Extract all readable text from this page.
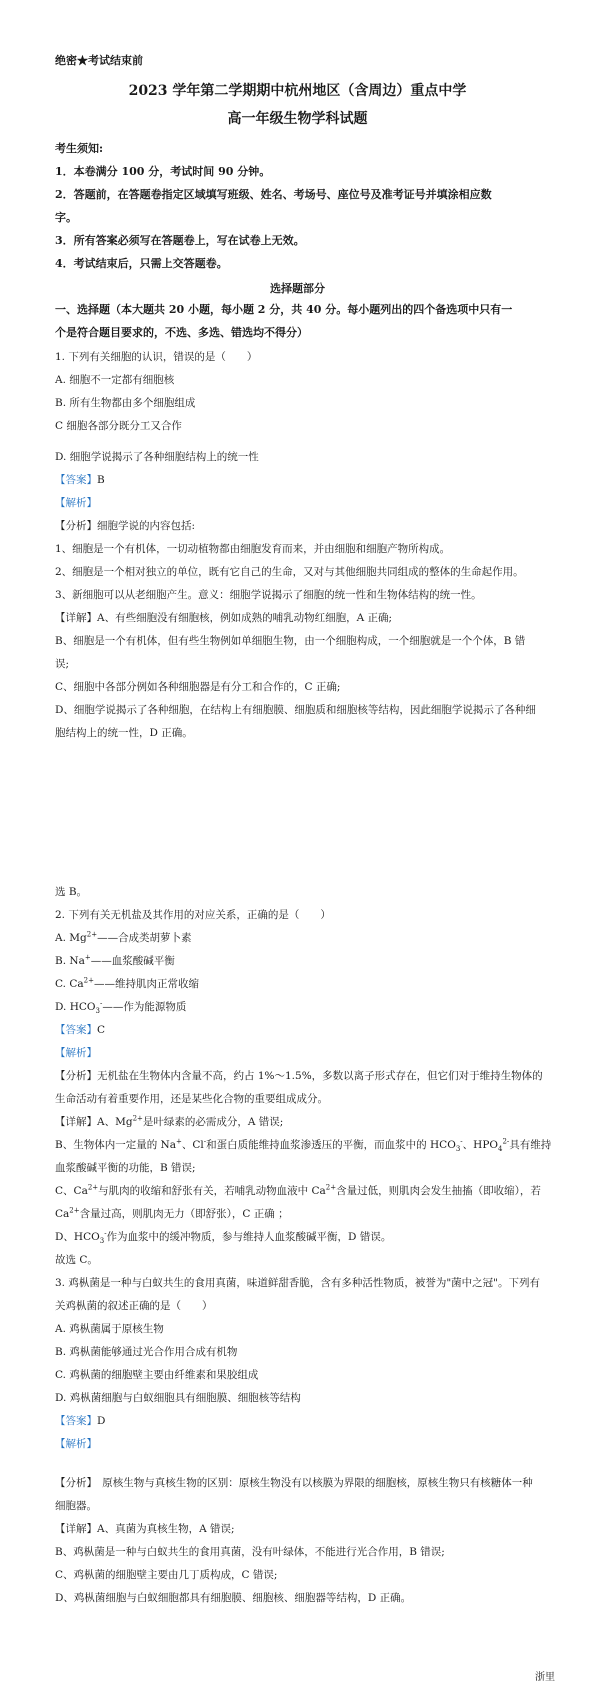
绝密★考试结束前
2023 学年第二学期期中杭州地区（含周边）重点中学
高一年级生物学科试题
考生须知:
1．本卷满分 100 分，考试时间 90 分钟。
2．答题前，在答题卷指定区域填写班级、姓名、考场号、座位号及准考证号并填涂相应数
字。
3．所有答案必须写在答题卷上，写在试卷上无效。
4．考试结束后，只需上交答题卷。
选择题部分
一、选择题（本大题共 20 小题，每小题 2 分，共 40 分。每小题列出的四个备选项中只有一
个是符合题目要求的，不选、多选、错选均不得分）
1. 下列有关细胞的认识，错误的是（　　）
A. 细胞不一定都有细胞核
B. 所有生物都由多个细胞组成
C 细胞各部分既分工又合作
D. 细胞学说揭示了各种细胞结构上的统一性
【答案】B
【解析】
【分析】细胞学说的内容包括:
1、细胞是一个有机体，一切动植物都由细胞发育而来，并由细胞和细胞产物所构成。
2、细胞是一个相对独立的单位，既有它自己的生命，又对与其他细胞共同组成的整体的生命起作用。
3、新细胞可以从老细胞产生。意义：细胞学说揭示了细胞的统一性和生物体结构的统一性。
【详解】A、有些细胞没有细胞核，例如成熟的哺乳动物红细胞，A 正确;
B、细胞是一个有机体，但有些生物例如单细胞生物，由一个细胞构成，一个细胞就是一个个体，B 错
误;
C、细胞中各部分例如各种细胞器是有分工和合作的，C 正确;
D、细胞学说揭示了各种细胞，在结构上有细胞膜、细胞质和细胞核等结构，因此细胞学说揭示了各种细
胞结构上的统一性，D 正确。
选 B。
2. 下列有关无机盐及其作用的对应关系，正确的是（　　）
A. $Mg^{2+}——$合成类胡萝卜素
B. Na+——血浆酸碱平衡
C. $Ca^{2+}——$维持肌肉正常收缩
D. $HCO_3^-——$作为能源物质
【答案】C
【解析】
【分析】无机盐在生物体内含量不高，约占 1%～1.5%，多数以离子形式存在，但它们对于维持生物体的
生命活动有着重要作用，还是某些化合物的重要组成成分。
【详解】A、$Mg^{2+}$是叶绿素的必需成分，A 错误;
B、生物体内一定量的 Na+、Cl-和蛋白质能维持血浆渗透压的平衡，而血浆中的 $HCO_3^-$、$HPO_4^{2-}$具有维持
血浆酸碱平衡的功能，B 错误;
C、$Ca^{2+}$与肌肉的收缩和舒张有关，若哺乳动物血液中 $Ca^{2+}$含量过低，则肌肉会发生抽搐（即收缩），若
$Ca^{2+}$含量过高，则肌肉无力（即舒张），C 正确 ；
D、$HCO_3^-$作为血浆中的缓冲物质，参与维持人血浆酸碱平衡，D 错误。
故选 C。
3. 鸡枞菌是一种与白蚁共生的食用真菌，味道鲜甜香脆，含有多种活性物质，被誉为"菌中之冠"。下列有
关鸡枞菌的叙述正确的是（　　）
A. 鸡枞菌属于原核生物
B. 鸡枞菌能够通过光合作用合成有机物
C. 鸡枞菌的细胞壁主要由纤维素和果胶组成
D. 鸡枞菌细胞与白蚁细胞具有细胞膜、细胞核等结构
【答案】D
【解析】
【分析】　原核生物与真核生物的区别：原核生物没有以核膜为界限的细胞核，原核生物只有核糖体一种
细胞器。
【详解】A、真菌为真核生物，A 错误;
B、鸡枞菌是一种与白蚁共生的食用真菌，没有叶绿体，不能进行光合作用，B 错误;
C、鸡枞菌的细胞壁主要由几丁质构成，C 错误;
D、鸡枞菌细胞与白蚁细胞都具有细胞膜、细胞核、细胞器等结构，D 正确。
浙里
